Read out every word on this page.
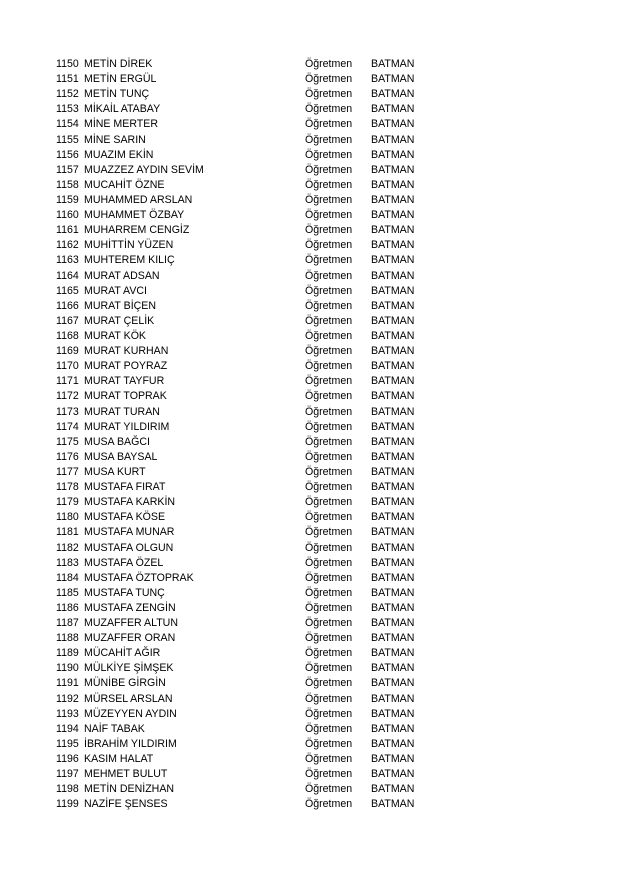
1150 METİN DİREK	Öğretmen BATMAN
1151 METİN ERGÜL	Öğretmen BATMAN
1152 METİN TUNÇ	Öğretmen BATMAN
1153 MİKAİL ATABAY	Öğretmen BATMAN
1154 MİNE MERTER	Öğretmen BATMAN
1155 MİNE SARIN	Öğretmen BATMAN
1156 MUAZIM EKİN	Öğretmen BATMAN
1157 MUAZZEZ AYDIN SEVİM	Öğretmen BATMAN
1158 MUCAHİT ÖZNE	Öğretmen BATMAN
1159 MUHAMMED ARSLAN	Öğretmen BATMAN
1160 MUHAMMET ÖZBAY	Öğretmen BATMAN
1161 MUHARREM CENGİZ	Öğretmen BATMAN
1162 MUHİTTİN YÜZEN	Öğretmen BATMAN
1163 MUHTEREM KILIÇ	Öğretmen BATMAN
1164 MURAT ADSAN	Öğretmen BATMAN
1165 MURAT AVCI	Öğretmen BATMAN
1166 MURAT BİÇEN	Öğretmen BATMAN
1167 MURAT ÇELİK	Öğretmen BATMAN
1168 MURAT KÖK	Öğretmen BATMAN
1169 MURAT KURHAN	Öğretmen BATMAN
1170 MURAT POYRAZ	Öğretmen BATMAN
1171 MURAT TAYFUR	Öğretmen BATMAN
1172 MURAT TOPRAK	Öğretmen BATMAN
1173 MURAT TURAN	Öğretmen BATMAN
1174 MURAT YILDIRIM	Öğretmen BATMAN
1175 MUSA BAĞCI	Öğretmen BATMAN
1176 MUSA BAYSAL	Öğretmen BATMAN
1177 MUSA KURT	Öğretmen BATMAN
1178 MUSTAFA FIRAT	Öğretmen BATMAN
1179 MUSTAFA KARKİN	Öğretmen BATMAN
1180 MUSTAFA KÖSE	Öğretmen BATMAN
1181 MUSTAFA MUNAR	Öğretmen BATMAN
1182 MUSTAFA OLGUN	Öğretmen BATMAN
1183 MUSTAFA ÖZEL	Öğretmen BATMAN
1184 MUSTAFA ÖZTOPRAK	Öğretmen BATMAN
1185 MUSTAFA TUNÇ	Öğretmen BATMAN
1186 MUSTAFA ZENGİN	Öğretmen BATMAN
1187 MUZAFFER ALTUN	Öğretmen BATMAN
1188 MUZAFFER ORAN	Öğretmen BATMAN
1189 MÜCAHİT AĞIR	Öğretmen BATMAN
1190 MÜLKİYE ŞİMŞEK	Öğretmen BATMAN
1191 MÜNİBE GİRGİN	Öğretmen BATMAN
1192 MÜRSEL ARSLAN	Öğretmen BATMAN
1193 MÜZEYYEN AYDIN	Öğretmen BATMAN
1194 NAİF TABAK	Öğretmen BATMAN
1195 İBRAHİM YILDIRIM	Öğretmen BATMAN
1196 KASIM HALAT	Öğretmen BATMAN
1197 MEHMET BULUT	Öğretmen BATMAN
1198 METİN DENİZHAN	Öğretmen BATMAN
1199 NAZİFE ŞENSES	Öğretmen BATMAN
